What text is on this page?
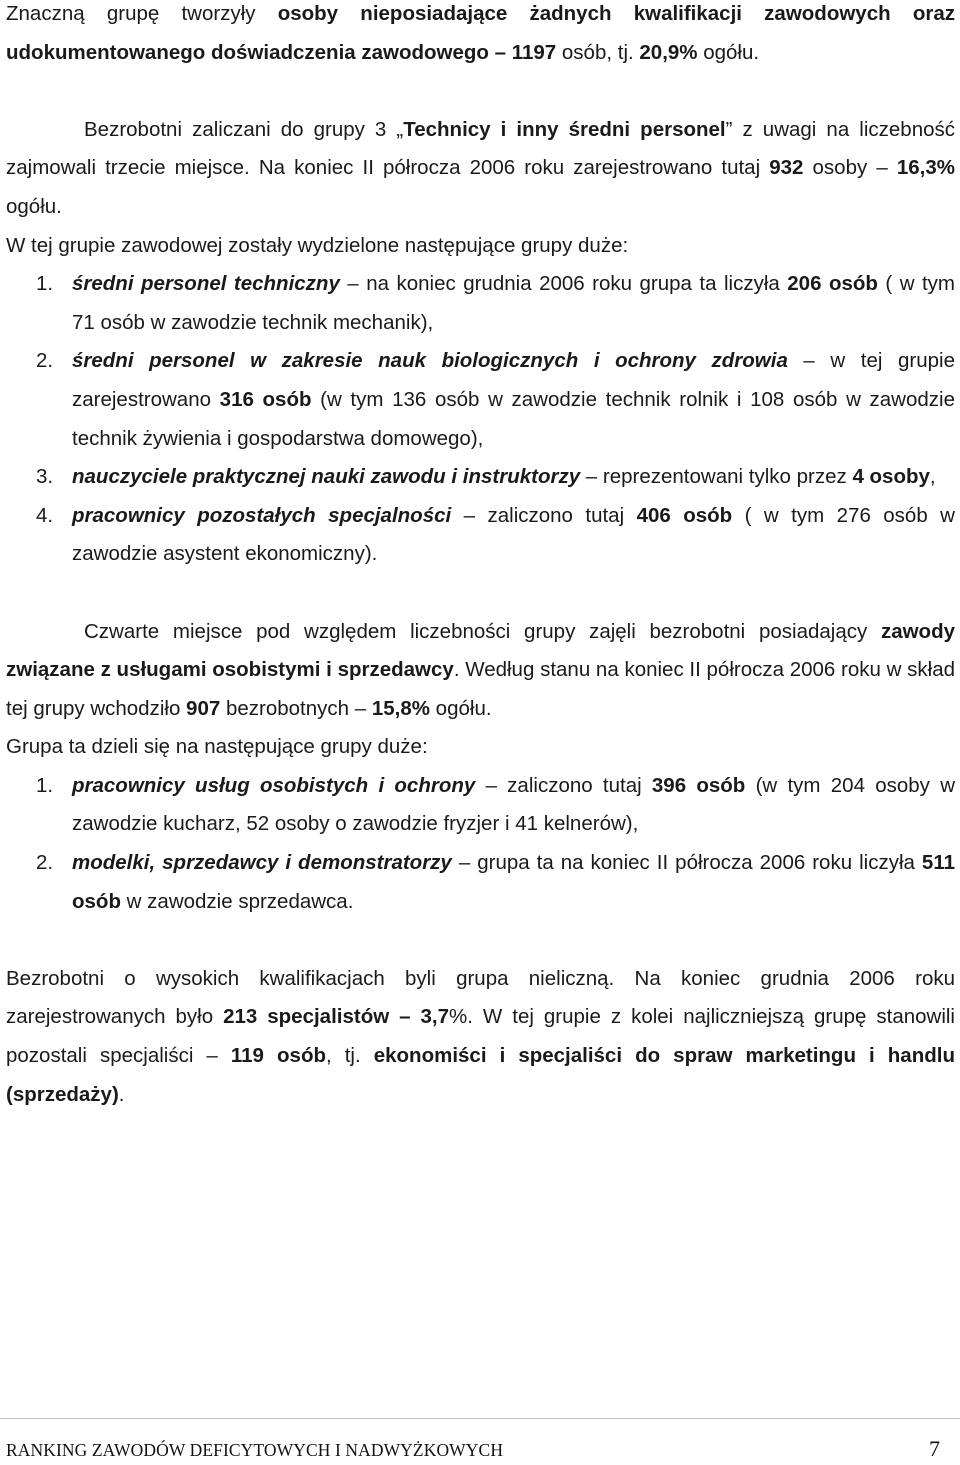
Znaczną grupę tworzyły osoby nieposiadające żadnych kwalifikacji zawodowych oraz udokumentowanego doświadczenia zawodowego – 1197 osób, tj. 20,9% ogółu.

Bezrobotni zaliczani do grupy 3 „Technicy i inny średni personel” z uwagi na liczebność zajmowali trzecie miejsce. Na koniec II półrocza 2006 roku zarejestrowano tutaj 932 osoby – 16,3% ogółu.

W tej grupie zawodowej zostały wydzielone następujące grupy duże:

1. średni personel techniczny – na koniec grudnia 2006 roku grupa ta liczyła 206 osób ( w tym 71 osób w zawodzie technik mechanik),
2. średni personel w zakresie nauk biologicznych i ochrony zdrowia – w tej grupie zarejestrowano 316 osób (w tym 136 osób w zawodzie technik rolnik i 108 osób w zawodzie technik żywienia i gospodarstwa domowego),
3. nauczyciele praktycznej nauki zawodu i instruktorzy – reprezentowani tylko przez 4 osoby,
4. pracownicy pozostałych specjalności – zaliczono tutaj 406 osób ( w tym 276 osób w zawodzie asystent ekonomiczny).

Czwarte miejsce pod względem liczebności grupy zajęli bezrobotni posiadający zawody związane z usługami osobistymi i sprzedawcy. Według stanu na koniec II półrocza 2006 roku w skład tej grupy wchodziło 907 bezrobotnych – 15,8% ogółu.

Grupa ta dzieli się na następujące grupy duże:

1. pracownicy usług osobistych i ochrony – zaliczono tutaj 396 osób (w tym 204 osoby w zawodzie kucharz, 52 osoby o zawodzie fryzjer i 41 kelnerów),
2. modelki, sprzedawcy i demonstratorzy – grupa ta na koniec II półrocza 2006 roku liczyła 511 osób w zawodzie sprzedawca.

Bezrobotni o wysokich kwalifikacjach byli grupa nieliczną. Na koniec grudnia 2006 roku zarejestrowanych było 213 specjalistów – 3,7%. W tej grupie z kolei najliczniejszą grupę stanowili pozostali specjaliści – 119 osób, tj. ekonomiści i specjaliści do spraw marketingu i handlu (sprzedaży).

RANKING ZAWODÓW DEFICYTOWYCH I NADWYŻKOWYCH	7
